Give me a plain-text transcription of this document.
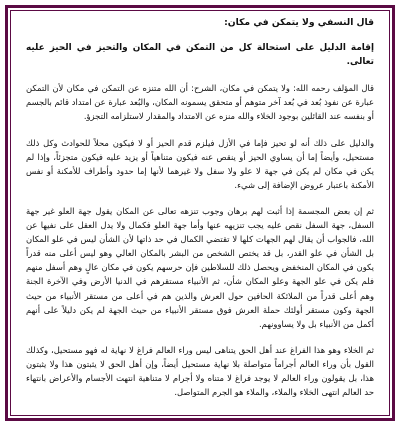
قال النسفي ولا يتمكن في مكان:

إقامة الدليل على استحالة كل من التمكن في المكان والتحيز في الحيز عليه تعالى.

قال المؤلف رحمه الله: ولا يتمكن في مكان، الشرح: أن الله متنزه عن التمكن في مكان لأن التمكن عبارة عن نفوذ بُعد في بُعد آخر متوهم أو متحقق يسمونه المكان، والبُعد عبارة عن امتداد قائم بالجسم أو بنفسه عند القائلين بوجود الخلاء والله منزه عن الامتداد والمقدار لاستلزامه التجزؤ.

والدليل على ذلك أنه لو تحيز فإما في الأزل فيلزم قدم الحيز أو لا فيكون محلاً للحوادث وكل ذلك مستحيل، وأيضاً إما أن يساوي الحيز أو ينقص عنه فيكون متناهياً أو يزيد عليه فيكون متجزئاً، وإذا لم يكن في مكان لم يكن في جهة لا علو ولا سفل ولا غيرهما لأنها إما حدود وأطراف للأمكنة أو نفس الأمكنة باعتبار عروض الإضافة إلى شيء.

ثم إن بعض المجسمة إذا أثبت لهم برهان وجوب تنزهه تعالى عن المكان يقول جهة العلو غير جهة السفل، جهة السفل نقص عليه يجب تنزيهه عنها وأما جهة العلو فكمال ولا يدل العقل على نفيها عن الله، فالجواب أن يقال لهم الجهات كلها لا تقتضي الكمال في حد ذاتها لأن الشأن ليس في علو المكان بل الشأن في علو القدر، بل قد يختص الشخص من البشر بالمكان العالي وهو ليس أعلى منه قدراً يكون في المكان المنخفض ويحصل ذلك للسلاطين فإن حرسهم يكون في مكان عالٍ وهم أسفل منهم فلم يكن في علو الجهة وعلو المكان شأن، ثم الأنبياء مستقرهم في الدنيا الأرض وفي الآخرة الجنة وهم أعلى قدراً من الملائكة الحافين حول العرش والذين هم في أعلى من مستقر الأنبياء من حيث الجهة وكون مستقر أولئك حملة العرش فوق مستقر الأنبياء من حيث الجهة لم يكن دليلاً على أنهم أكمل من الأنبياء بل ولا يساوونهم.

ثم الخلاء وهو هذا الفراغ عند أهل الحق يتناهى ليس وراء العالم فراغ لا نهاية له فهو مستحيل، وكذلك القول بأن وراء العالم أجراماً متواصلة بلا نهاية مستحيل أيضاً، وإن أهل الحق لا يثبتون هذا ولا يثبتون هذا، بل يقولون وراء العالم لا يوجد فراغ لا متناه ولا أجرام لا متناهية انتهت الأجسام والأعراض بانتهاء حد العالم انتهى الخلاء والملاء، والملاء هو الجرم المتواصل.
